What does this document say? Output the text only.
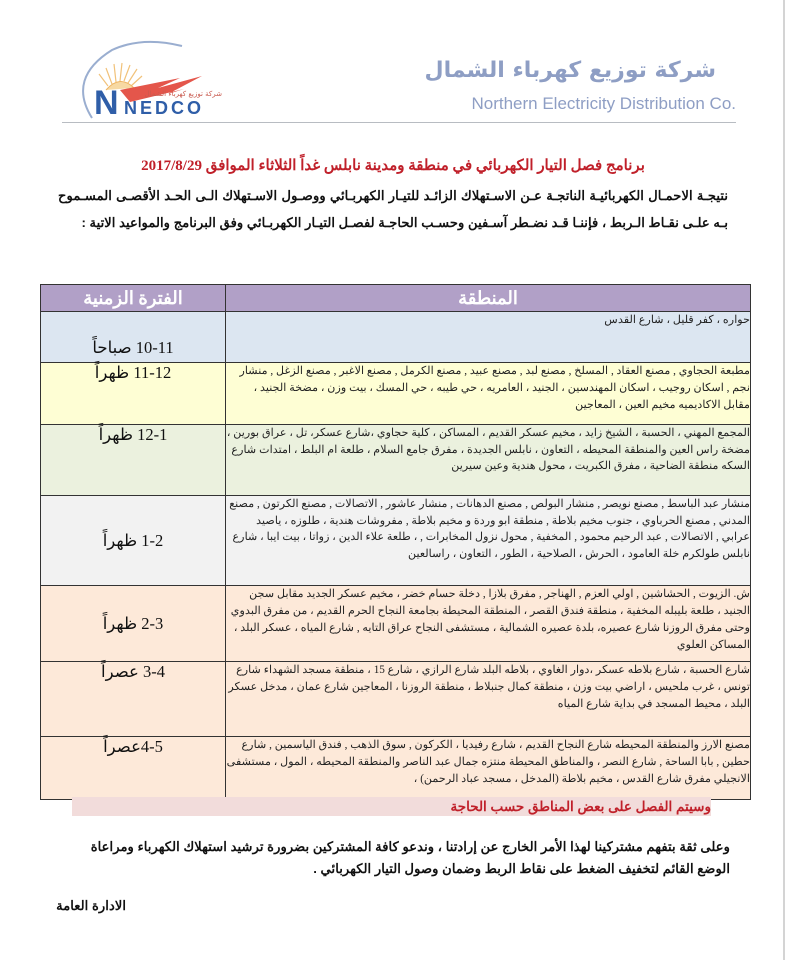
N NEDCO
شركة توزيع كهرباء الشمال
شركة توزيع كهرباء الشمال
Northern Electricity Distribution Co.
برنامج فصل التيار الكهربائي في منطقة ومدينة نابلس غداً الثلاثاء الموافق 2017/8/29
نتيجـة الاحمـال الكهربائيـة الناتجـة عـن الاسـتهلاك الزائـد للتيـار الكهربـائي ووصـول الاسـتهلاك الـى الحـد الأقصـى المسـموح بـه علـى نقـاط الـربط ، فإننـا قـد نضـطر آسـفين وحسـب الحاجـة لفصـل التيـار الكهربـائي وفق البرنامج والمواعيد الاتية :
المنطقة	الفترة الزمنية
حواره ، كفر قليل ، شارع القدس	10-11 صباحاً
مطبعة الحجاوي , مصنع العقاد , المسلخ , مصنع لبد , مصنع عبيد , مصنع الكرمل , مصنع الاغبر , مصنع الزغل , منشار نجم , اسكان روجيب ، اسكان المهندسين ، الجنيد ، العامريه ، حي طيبه ، حي المسك ، بيت وزن ، مضخة الجنيد ، مقابل الاكاديميه مخيم العين ، المعاجين	11-12 ظهراً
المجمع المهني ، الحسبة ، الشيخ زايد ، مخيم عسكر القديم ، المساكن ، كلية حجاوي ،شارع عسكر، تل ، عراق بورين ، مضخة راس العين والمنطقة المحيطه ، التعاون ، نابلس الجديدة ، مفرق جامع السلام ، طلعة ام البلط ، امتدات شارع السكه منطقة الضاحية ، مفرق الكبريت ، محول هندية وعين سيرين	12-1 ظهراً
منشار عبد الباسط , مصنع نويصر , منشار البولص , مصنع الدهانات , منشار عاشور , الاتصالات , مصنع الكرتون , مصنع المدني , مصنع الحرباوي ، جنوب مخيم بلاطة , منطقة ابو وردة و مخيم بلاطة , مفروشات هندية ، طلوزه ، ياصيد عرابي , الاتصالات , عبد الرحيم محمود , المخفية , محول نزول المخابرات , ، طلعة علاء الدين ، زواتا ، بيت ايبا ، شارع نابلس طولكرم خلة العامود ، الحرش ، الصلاحية ، الطور ، التعاون ، راسالعين	1-2 ظهراً
ش. الزيوت , الحشاشين , اولي العزم , الهناجر , مفرق بلازا , دخلة حسام خضر ، مخيم عسكر الجديد مقابل سجن الجنيد ، طلعة بليبله المخفية ، منطقة فندق القصر ، المنطقة المحيطة بجامعة النجاح الحرم القديم ، من مفرق البدوي وحتى مفرق الروزنا شارع عصيره، بلدة عصيره الشمالية ، مستشفى النجاح عراق التايه , شارع المياه ، عسكر البلد ، المساكن العلوي	2-3 ظهراً
شارع الحسبة ، شارع بلاطه عسكر ،دوار الغاوي ، بلاطه البلد شارع الرازي ، شارع 15 ، منطقة مسجد الشهداء شارع تونس ، غرب ملحيس ، اراضي بيت وزن ، منطقة كمال جنبلاط ، منطقة الروزنا ، المعاجين شارع عمان ، مدخل عسكر البلد ، محيط المسجد في بداية شارع المياه	3-4 عصراً
مصنع الارز والمنطقة المحيطه شارع النجاح القديم ، شارع رفيديا ، الكركون , سوق الذهب , فندق الياسمين , شارع حطين , بابا الساحة , شارع النصر ، والمناطق المحيطة منتزه جمال عبد الناصر والمنطقة المحيطه ، المول ، مستشفى الانجيلي مفرق شارع القدس ، مخيم بلاطة (المدخل ، مسجد عباد الرحمن) ،	4-5عصراً
وسيتم الفصل على بعض المناطق حسب الحاجة
وعلى ثقة بتفهم مشتركينا لهذا الأمر الخارج عن إرادتنا ، وندعو كافة المشتركين بضرورة ترشيد استهلاك الكهرباء ومراعاة الوضع القائم لتخفيف الضغط على نقاط الربط وضمان وصول التيار الكهربائي .
الادارة العامة
